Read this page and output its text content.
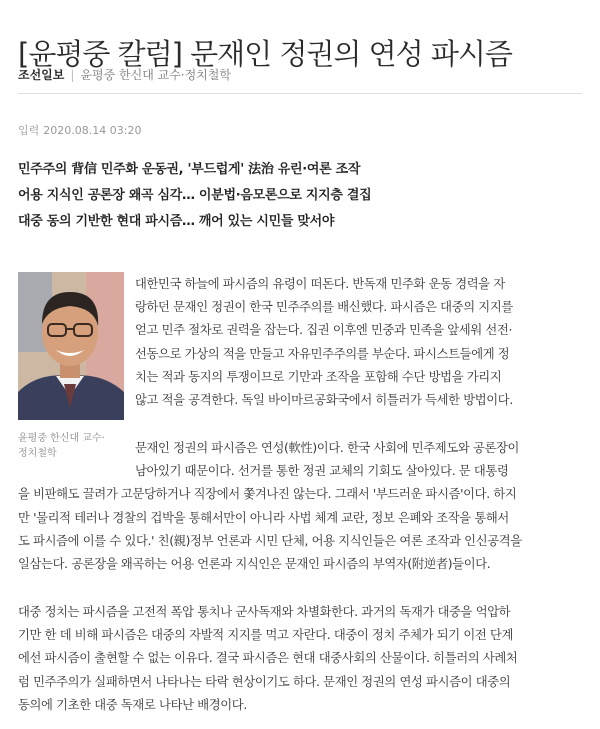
[윤평중 칼럼] 문재인 정권의 연성 파시즘
조선일보 | 윤평중 한신대 교수·정치철학
입력 2020.08.14 03:20
민주주의 背信 민주화 운동권, '부드럽게' 法治 유린·여론 조작
어용 지식인 공론장 왜곡 심각… 이분법·음모론으로 지지층 결집
대중 동의 기반한 현대 파시즘… 깨어 있는 시민들 맞서야
윤평중 한신대 교수·
정치철학
대한민국 하늘에 파시즘의 유령이 떠돈다. 반독재 민주화 운동 경력을 자
랑하던 문재인 정권이 한국 민주주의를 배신했다. 파시즘은 대중의 지지를
얻고 민주 절차로 권력을 잡는다. 집권 이후엔 민중과 민족을 앞세워 선전·
선동으로 가상의 적을 만들고 자유민주주의를 부순다. 파시스트들에게 정
치는 적과 동지의 투쟁이므로 기만과 조작을 포함해 수단 방법을 가리지
않고 적을 공격한다. 독일 바이마르공화국에서 히틀러가 득세한 방법이다.
문재인 정권의 파시즘은 연성(軟性)이다. 한국 사회에 민주제도와 공론장이
남아있기 때문이다. 선거를 통한 정권 교체의 기회도 살아있다. 문 대통령
을 비판해도 끌려가 고문당하거나 직장에서 쫓겨나진 않는다. 그래서 '부드러운 파시즘'이다. 하지
만 '물리적 테러나 경찰의 겁박을 통해서만이 아니라 사법 체계 교란, 정보 은폐와 조작을 통해서
도 파시즘에 이를 수 있다.' 친(親)정부 언론과 시민 단체, 어용 지식인들은 여론 조작과 인신공격을
일삼는다. 공론장을 왜곡하는 어용 언론과 지식인은 문재인 파시즘의 부역자(附逆者)들이다.
대중 정치는 파시즘을 고전적 폭압 통치나 군사독재와 차별화한다. 과거의 독재가 대중을 억압하
기만 한 데 비해 파시즘은 대중의 자발적 지지를 먹고 자란다. 대중이 정치 주체가 되기 이전 단계
에선 파시즘이 출현할 수 없는 이유다. 결국 파시즘은 현대 대중사회의 산물이다. 히틀러의 사례처
럼 민주주의가 실패하면서 나타나는 타락 현상이기도 하다. 문재인 정권의 연성 파시즘이 대중의
동의에 기초한 대중 독재로 나타난 배경이다.
